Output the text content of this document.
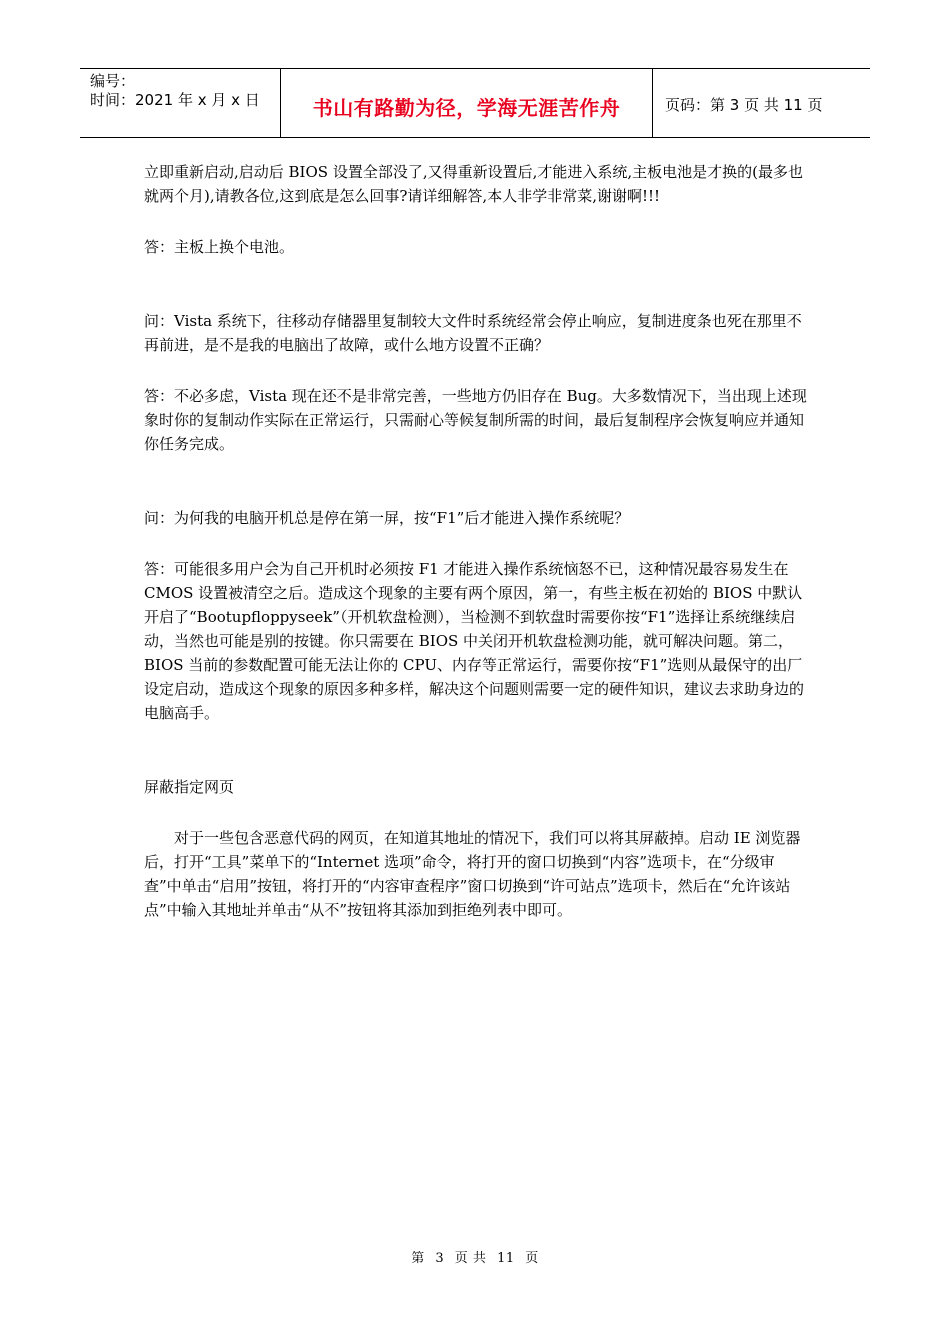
编号：
时间：2021 年 x 月 x 日	书山有路勤为径，学海无涯苦作舟	页码：第 3 页 共 11 页

立即重新启动,启动后 BIOS 设置全部没了,又得重新设置后,才能进入系统,主板电池是才换的(最多也就两个月),请教各位,这到底是怎么回事?请详细解答,本人非学非常菜,谢谢啊!!!

答：主板上换个电池。

问：Vista 系统下，往移动存储器里复制较大文件时系统经常会停止响应，复制进度条也死在那里不再前进，是不是我的电脑出了故障，或什么地方设置不正确？

答：不必多虑，Vista 现在还不是非常完善，一些地方仍旧存在 Bug。大多数情况下，当出现上述现象时你的复制动作实际在正常运行，只需耐心等候复制所需的时间，最后复制程序会恢复响应并通知你任务完成。

问：为何我的电脑开机总是停在第一屏，按“F1”后才能进入操作系统呢？

答：可能很多用户会为自己开机时必须按 F1 才能进入操作系统恼怒不已，这种情况最容易发生在 CMOS 设置被清空之后。造成这个现象的主要有两个原因，第一，有些主板在初始的 BIOS 中默认开启了“Bootupfloppyseek”（开机软盘检测），当检测不到软盘时需要你按“F1”选择让系统继续启动，当然也可能是别的按键。你只需要在 BIOS 中关闭开机软盘检测功能，就可解决问题。第二，BIOS 当前的参数配置可能无法让你的 CPU、内存等正常运行，需要你按“F1”选则从最保守的出厂设定启动，造成这个现象的原因多种多样，解决这个问题则需要一定的硬件知识，建议去求助身边的电脑高手。

屏蔽指定网页

对于一些包含恶意代码的网页，在知道其地址的情况下，我们可以将其屏蔽掉。启动 IE 浏览器后，打开“工具”菜单下的“Internet 选项”命令，将打开的窗口切换到“内容”选项卡，在“分级审查”中单击“启用”按钮，将打开的“内容审查程序”窗口切换到“许可站点”选项卡，然后在“允许该站点”中输入其地址并单击“从不”按钮将其添加到拒绝列表中即可。

第 3 页 共 11 页
